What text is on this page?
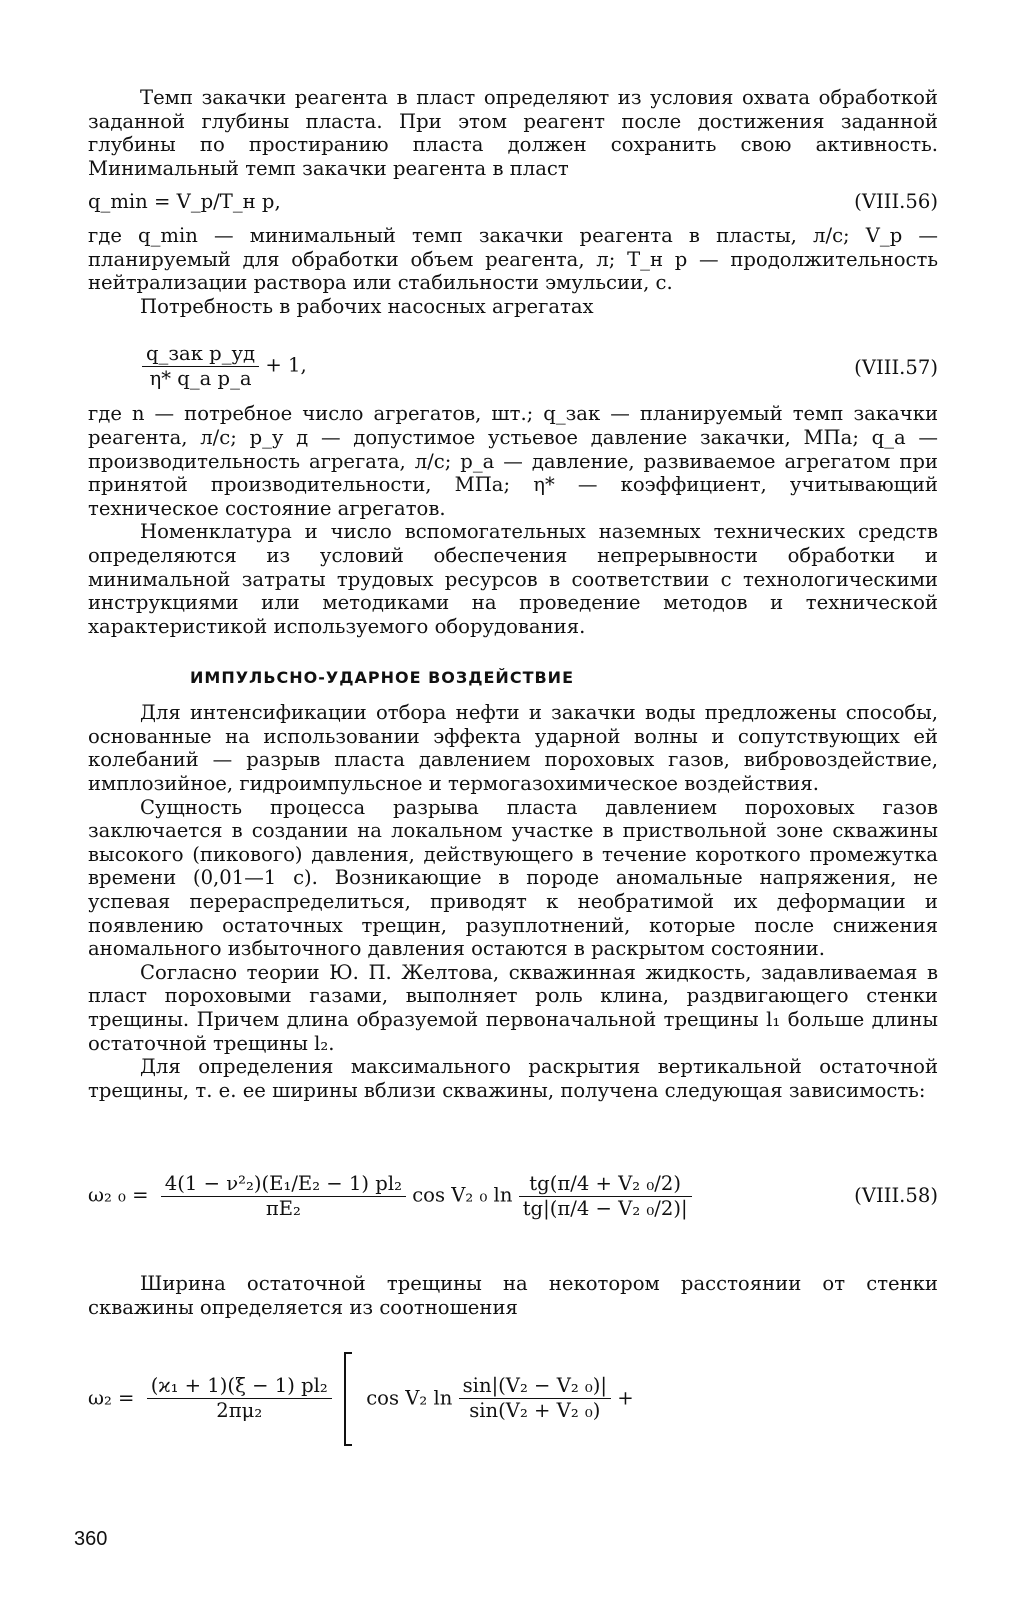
Темп закачки реагента в пласт определяют из условия охвата обработкой заданной глубины пласта. При этом реагент после достижения заданной глубины по простиранию пласта должен сохранить свою активность. Минимальный темп закачки реагента в пласт

q_min = V_р/T_н р,	(VIII.56)

где q_min — минимальный темп закачки реагента в пласты, л/с; V_р — планируемый для обработки объем реагента, л; T_н р — продолжительность нейтрализации раствора или стабильности эмульсии, с.

Потребность в рабочих насосных агрегатах

$\frac{\text{q\_зак p\_уд}}{\text{η* q\_а p\_а}} + 1$,	(VIII.57)

где n — потребное число агрегатов, шт.; q_зак — планируемый темп закачки реагента, л/с; p_у д — допустимое устьевое давление закачки, МПа; q_а — производительность агрегата, л/с; p_а — давление, развиваемое агрегатом при принятой производительности, МПа; η* — коэффициент, учитывающий техническое состояние агрегатов.

Номенклатура и число вспомогательных наземных технических средств определяются из условий обеспечения непрерывности обработки и минимальной затраты трудовых ресурсов в соответствии с технологическими инструкциями или методиками на проведение методов и технической характеристикой используемого оборудования.

ИМПУЛЬСНО-УДАРНОЕ ВОЗДЕЙСТВИЕ

Для интенсификации отбора нефти и закачки воды предложены способы, основанные на использовании эффекта ударной волны и сопутствующих ей колебаний — разрыв пласта давлением пороховых газов, вибровоздействие, имплозийное, гидроимпульсное и термогазохимическое воздействия.

Сущность процесса разрыва пласта давлением пороховых газов заключается в создании на локальном участке в приствольной зоне скважины высокого (пикового) давления, действующего в течение короткого промежутка времени (0,01—1 с). Возникающие в породе аномальные напряжения, не успевая перераспределиться, приводят к необратимой их деформации и появлению остаточных трещин, разуплотнений, которые после снижения аномального избыточного давления остаются в раскрытом состоянии.

Согласно теории Ю. П. Желтова, скважинная жидкость, задавливаемая в пласт пороховыми газами, выполняет роль клина, раздвигающего стенки трещины. Причем длина образуемой первоначальной трещины l₁ больше длины остаточной трещины l₂.

Для определения максимального раскрытия вертикальной остаточной трещины, т. е. ее ширины вблизи скважины, получена следующая зависимость:

ω₂ $_0 = \frac{\text{4(1 − ν²₂)(E₁/E₂ − 1) pl₂}}{\text{πE₂}}$ cos V₂ ₀ $\ln \frac{\text{tg(π/4 + V₂ ₀/2)}}{\text{tg|(π/4 − V₂ ₀/2)|}}$	(VIII.58)

Ширина остаточной трещины на некотором расстоянии от стенки скважины определяется из соотношения

$\omega_2 = \frac{\text{(ϰ₁ + 1)(ξ − 1) pl₂}}{\text{2πμ₂}}$ cos V₂ $\ln \frac{\text{sin|(V₂ − V₂ ₀)|}}{\text{sin(V₂ + V₂ ₀)}}$ +
360
